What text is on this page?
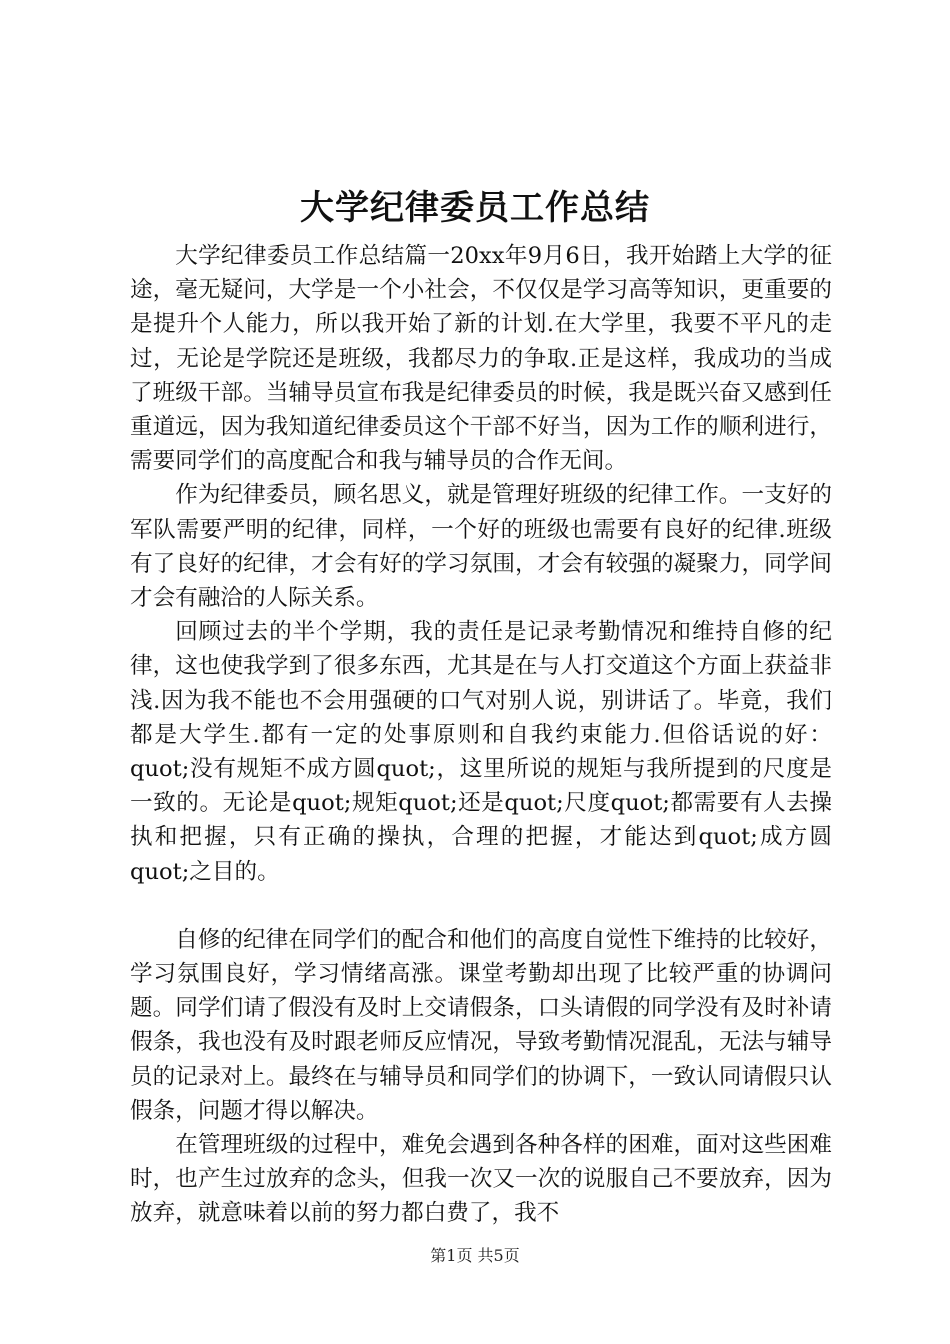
大学纪律委员工作总结

大学纪律委员工作总结篇一20xx年9月6日，我开始踏上大学的征途，毫无疑问，大学是一个小社会，不仅仅是学习高等知识，更重要的是提升个人能力，所以我开始了新的计划.在大学里，我要不平凡的走过，无论是学院还是班级，我都尽力的争取.正是这样，我成功的当成了班级干部。当辅导员宣布我是纪律委员的时候，我是既兴奋又感到任重道远，因为我知道纪律委员这个干部不好当，因为工作的顺利进行，需要同学们的高度配合和我与辅导员的合作无间。

作为纪律委员，顾名思义，就是管理好班级的纪律工作。一支好的军队需要严明的纪律，同样，一个好的班级也需要有良好的纪律.班级有了良好的纪律，才会有好的学习氛围，才会有较强的凝聚力，同学间才会有融洽的人际关系。

回顾过去的半个学期，我的责任是记录考勤情况和维持自修的纪律，这也使我学到了很多东西，尤其是在与人打交道这个方面上获益非浅.因为我不能也不会用强硬的口气对别人说，别讲话了。毕竟，我们都是大学生.都有一定的处事原则和自我约束能力.但俗话说的好：quot;没有规矩不成方圆quot;，这里所说的规矩与我所提到的尺度是一致的。无论是quot;规矩quot;还是quot;尺度quot;都需要有人去操执和把握，只有正确的操执，合理的把握，才能达到quot;成方圆quot;之目的。

自修的纪律在同学们的配合和他们的高度自觉性下维持的比较好，学习氛围良好，学习情绪高涨。课堂考勤却出现了比较严重的协调问题。同学们请了假没有及时上交请假条，口头请假的同学没有及时补请假条，我也没有及时跟老师反应情况，导致考勤情况混乱，无法与辅导员的记录对上。最终在与辅导员和同学们的协调下，一致认同请假只认假条，问题才得以解决。

在管理班级的过程中，难免会遇到各种各样的困难，面对这些困难时，也产生过放弃的念头，但我一次又一次的说服自己不要放弃，因为放弃，就意味着以前的努力都白费了，我不

第1页 共5页
